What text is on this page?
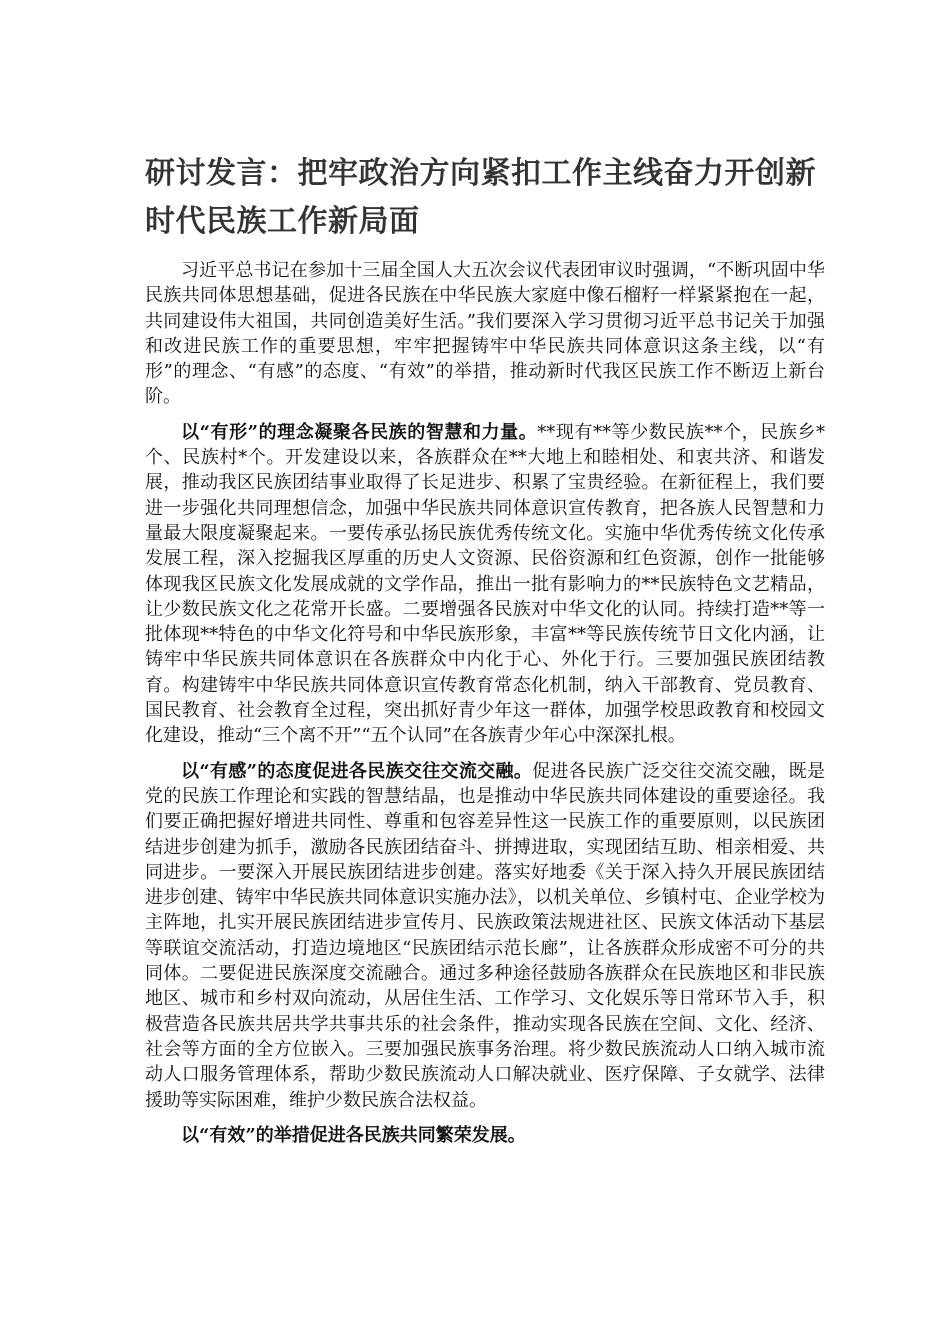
研讨发言：把牢政治方向紧扣工作主线奋力开创新时代民族工作新局面

习近平总书记在参加十三届全国人大五次会议代表团审议时强调，“不断巩固中华民族共同体思想基础，促进各民族在中华民族大家庭中像石榴籽一样紧紧抱在一起，共同建设伟大祖国，共同创造美好生活。”我们要深入学习贯彻习近平总书记关于加强和改进民族工作的重要思想，牢牢把握铸牢中华民族共同体意识这条主线，以“有形”的理念、“有感”的态度、“有效”的举措，推动新时代我区民族工作不断迈上新台阶。

以“有形”的理念凝聚各民族的智慧和力量。**现有**等少数民族**个，民族乡*个、民族村*个。开发建设以来，各族群众在**大地上和睦相处、和衷共济、和谐发展，推动我区民族团结事业取得了长足进步、积累了宝贵经验。在新征程上，我们要进一步强化共同理想信念，加强中华民族共同体意识宣传教育，把各族人民智慧和力量最大限度凝聚起来。一要传承弘扬民族优秀传统文化。实施中华优秀传统文化传承发展工程，深入挖掘我区厚重的历史人文资源、民俗资源和红色资源，创作一批能够体现我区民族文化发展成就的文学作品，推出一批有影响力的**民族特色文艺精品，让少数民族文化之花常开长盛。二要增强各民族对中华文化的认同。持续打造**等一批体现**特色的中华文化符号和中华民族形象，丰富**等民族传统节日文化内涵，让铸牢中华民族共同体意识在各族群众中内化于心、外化于行。三要加强民族团结教育。构建铸牢中华民族共同体意识宣传教育常态化机制，纳入干部教育、党员教育、国民教育、社会教育全过程，突出抓好青少年这一群体，加强学校思政教育和校园文化建设，推动“三个离不开”“五个认同”在各族青少年心中深深扎根。

以“有感”的态度促进各民族交往交流交融。促进各民族广泛交往交流交融，既是党的民族工作理论和实践的智慧结晶，也是推动中华民族共同体建设的重要途径。我们要正确把握好增进共同性、尊重和包容差异性这一民族工作的重要原则，以民族团结进步创建为抓手，激励各民族团结奋斗、拼搏进取，实现团结互助、相亲相爱、共同进步。一要深入开展民族团结进步创建。落实好地委《关于深入持久开展民族团结进步创建、铸牢中华民族共同体意识实施办法》，以机关单位、乡镇村屯、企业学校为主阵地，扎实开展民族团结进步宣传月、民族政策法规进社区、民族文体活动下基层等联谊交流活动，打造边境地区“民族团结示范长廊”，让各族群众形成密不可分的共同体。二要促进民族深度交流融合。通过多种途径鼓励各族群众在民族地区和非民族地区、城市和乡村双向流动，从居住生活、工作学习、文化娱乐等日常环节入手，积极营造各民族共居共学共事共乐的社会条件，推动实现各民族在空间、文化、经济、社会等方面的全方位嵌入。三要加强民族事务治理。将少数民族流动人口纳入城市流动人口服务管理体系，帮助少数民族流动人口解决就业、医疗保障、子女就学、法律援助等实际困难，维护少数民族合法权益。

以“有效”的举措促进各民族共同繁荣发展。
